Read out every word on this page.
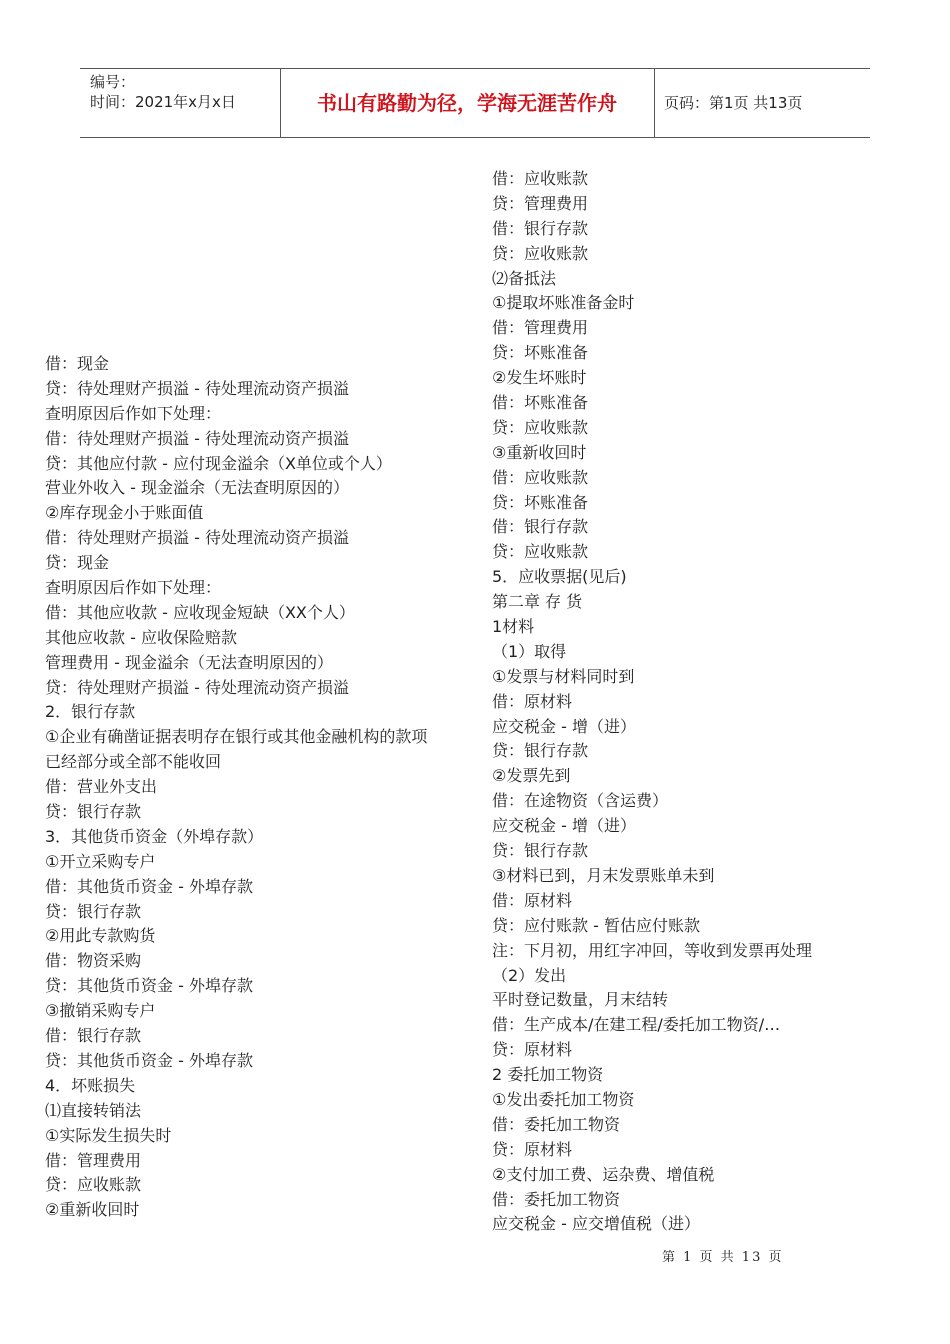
编号：
时间：2021年x月x日	书山有路勤为径，学海无涯苦作舟	页码：第1页 共13页
借：现金
贷：待处理财产损溢 - 待处理流动资产损溢
查明原因后作如下处理：
借：待处理财产损溢 - 待处理流动资产损溢
贷：其他应付款 - 应付现金溢余（X单位或个人）
营业外收入 - 现金溢余（无法查明原因的）
②库存现金小于账面值
借：待处理财产损溢 - 待处理流动资产损溢
贷：现金
查明原因后作如下处理：
借：其他应收款 - 应收现金短缺（XX个人）
其他应收款 - 应收保险赔款
管理费用 - 现金溢余（无法查明原因的）
贷：待处理财产损溢 - 待处理流动资产损溢
2．银行存款
①企业有确凿证据表明存在银行或其他金融机构的款项
已经部分或全部不能收回
借：营业外支出
贷：银行存款
3．其他货币资金（外埠存款）
①开立采购专户
借：其他货币资金 - 外埠存款
贷：银行存款
②用此专款购货
借：物资采购
贷：其他货币资金 - 外埠存款
③撤销采购专户
借：银行存款
贷：其他货币资金 - 外埠存款
4．坏账损失
⑴直接转销法
①实际发生损失时
借：管理费用
贷：应收账款
②重新收回时
借：应收账款
贷：管理费用
借：银行存款
贷：应收账款
⑵备抵法
①提取坏账准备金时
借：管理费用
贷：坏账准备
②发生坏账时
借：坏账准备
贷：应收账款
③重新收回时
借：应收账款
贷：坏账准备
借：银行存款
贷：应收账款
5．应收票据(见后)
第二章 存 货
1材料
（1）取得
①发票与材料同时到
借：原材料
应交税金 - 增（进）
贷：银行存款
②发票先到
借：在途物资（含运费）
应交税金 - 增（进）
贷：银行存款
③材料已到，月末发票账单未到
借：原材料
贷：应付账款 - 暂估应付账款
注：下月初，用红字冲回，等收到发票再处理
（2）发出
平时登记数量，月末结转
借：生产成本/在建工程/委托加工物资/…
贷：原材料
2 委托加工物资
①发出委托加工物资
借：委托加工物资
贷：原材料
②支付加工费、运杂费、增值税
借：委托加工物资
应交税金 - 应交增值税（进）
第 1 页 共 13 页
